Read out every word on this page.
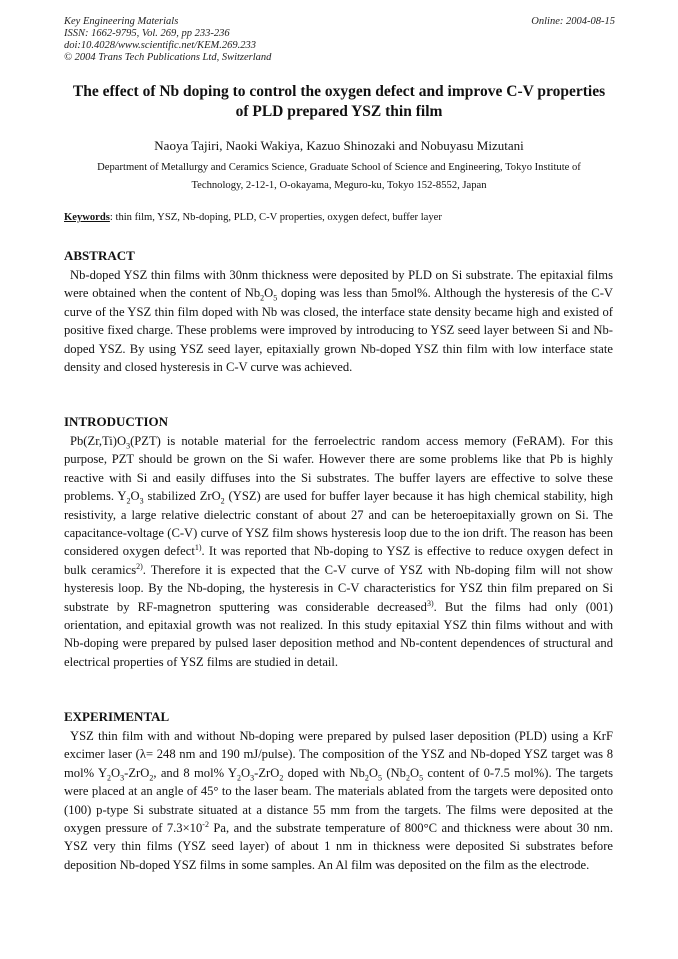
Key Engineering Materials
ISSN: 1662-9795, Vol. 269, pp 233-236
doi:10.4028/www.scientific.net/KEM.269.233
© 2004 Trans Tech Publications Ltd, Switzerland
Online: 2004-08-15
The effect of Nb doping to control the oxygen defect and improve C-V properties
of PLD prepared YSZ thin film
Naoya Tajiri, Naoki Wakiya, Kazuo Shinozaki and Nobuyasu Mizutani
Department of Metallurgy and Ceramics Science, Graduate School of Science and Engineering, Tokyo Institute of
Technology, 2-12-1, O-okayama, Meguro-ku, Tokyo 152-8552, Japan
Keywords: thin film, YSZ, Nb-doping, PLD, C-V properties, oxygen defect, buffer layer
ABSTRACT
Nb-doped YSZ thin films with 30nm thickness were deposited by PLD on Si substrate. The epitaxial films were obtained when the content of $Nb_2O_5$ doping was less than 5mol%. Although the hysteresis of the C-V curve of the YSZ thin film doped with Nb was closed, the interface state density became high and existed of positive fixed charge. These problems were improved by introducing to YSZ seed layer between Si and Nb-doped YSZ. By using YSZ seed layer, epitaxially grown Nb-doped YSZ thin film with low interface state density and closed hysteresis in C-V curve was achieved.
INTRODUCTION
$Pb(Zr,Ti)O_3(PZT)$ is notable material for the ferroelectric random access memory (FeRAM). For this purpose, PZT should be grown on the Si wafer. However there are some problems like that Pb is highly reactive with Si and easily diffuses into the Si substrates. The buffer layers are effective to solve these problems. $Y_2O_3$ stabilized ZrO$_2$ (YSZ) are used for buffer layer because it has high chemical stability, high resistivity, a large relative dielectric constant of about 27 and can be heteroepitaxially grown on Si. The capacitance-voltage (C-V) curve of YSZ film shows hysteresis loop due to the ion drift. The reason has been considered oxygen defect$^{1)}$. It was reported that Nb-doping to YSZ is effective to reduce oxygen defect in bulk ceramics$^{2)}$. Therefore it is expected that the C-V curve of YSZ with Nb-doping film will not show hysteresis loop. By the Nb-doping, the hysteresis in C-V characteristics for YSZ thin film prepared on Si substrate by RF-magnetron sputtering was considerable decreased$^{3)}$. But the films had only (001) orientation, and epitaxial growth was not realized. In this study epitaxial YSZ thin films without and with Nb-doping were prepared by pulsed laser deposition method and Nb-content dependences of structural and electrical properties of YSZ films are studied in detail.
EXPERIMENTAL
YSZ thin film with and without Nb-doping were prepared by pulsed laser deposition (PLD) using a KrF excimer laser (λ= 248 nm and 190 mJ/pulse). The composition of the YSZ and Nb-doped YSZ target was 8 mol% $Y_2O_3-ZrO_2$, and 8 mol% $Y_2O_3-ZrO_2$ doped with $Nb_2O_5$ ($Nb_2O_5$ content of 0-7.5 mol%). The targets were placed at an angle of 45° to the laser beam. The materials ablated from the targets were deposited onto (100) p-type Si substrate situated at a distance 55 mm from the targets. The films were deposited at the oxygen pressure of $7.3\times 10^{-2}$ Pa, and the substrate temperature of 800°C and thickness were about 30 nm. YSZ very thin films (YSZ seed layer) of about 1 nm in thickness were deposited Si substrates before deposition Nb-doped YSZ films in some samples. An Al film was deposited on the film as the electrode.
